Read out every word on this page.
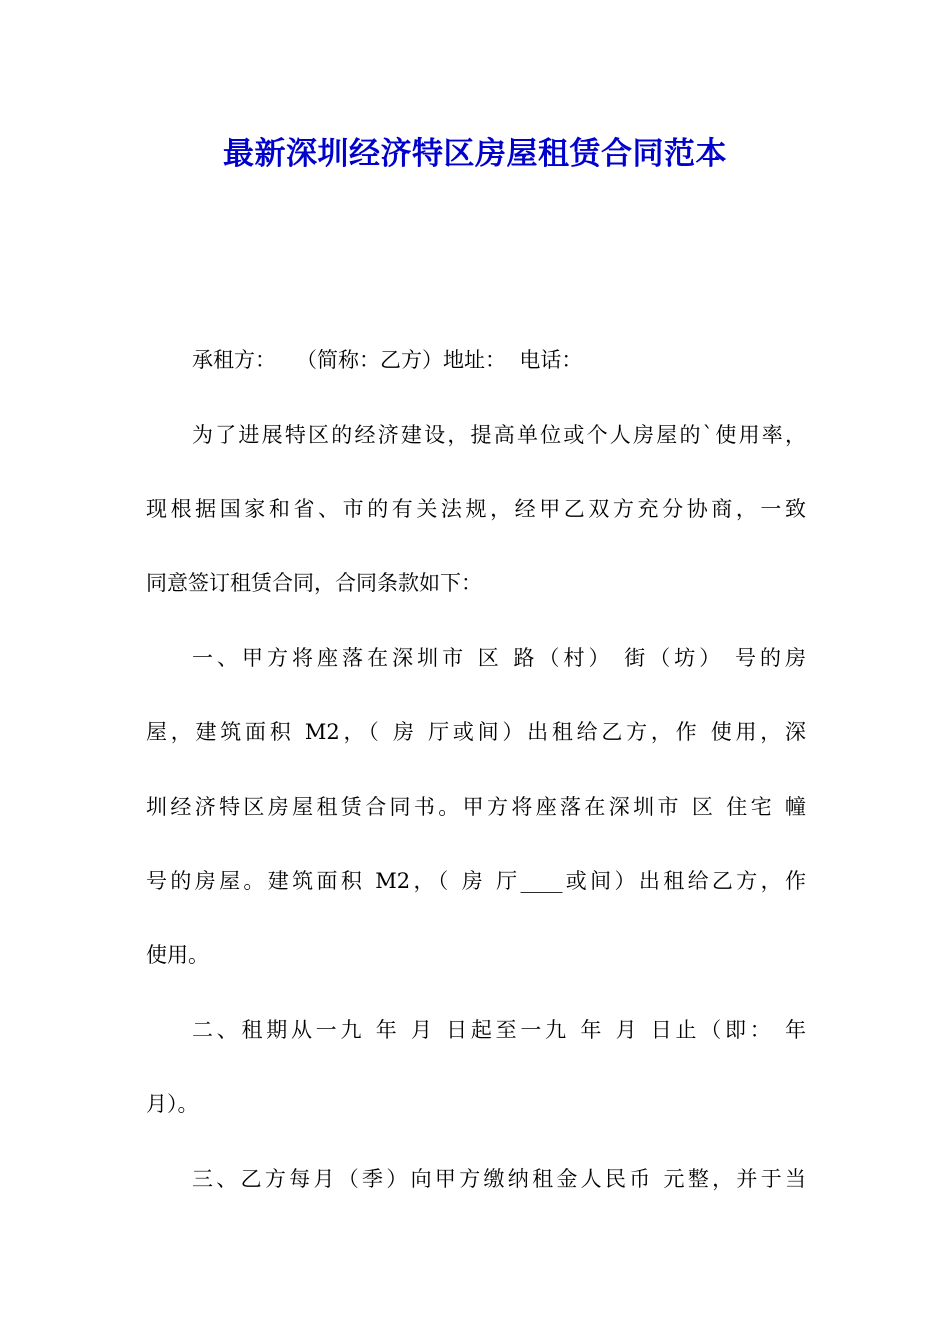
最新深圳经济特区房屋租赁合同范本

承租方：   （简称：乙方）地址：  电话：

为了进展特区的经济建设，提高单位或个人房屋的`使用率，

现根据国家和省、市的有关法规，经甲乙双方充分协商，一致

同意签订租赁合同，合同条款如下：

一、甲方将座落在深圳市 区 路（村） 街（坊） 号的房

屋，建筑面积 M2，（ 房 厅或间）出租给乙方，作 使用，深

圳经济特区房屋租赁合同书。甲方将座落在深圳市 区 住宅 幢

号的房屋。建筑面积 M2，（ 房 厅____或间）出租给乙方，作

使用。

二、租期从一九 年 月 日起至一九 年 月 日止（即： 年

月）。

三、乙方每月（季）向甲方缴纳租金人民币 元整，并于当
